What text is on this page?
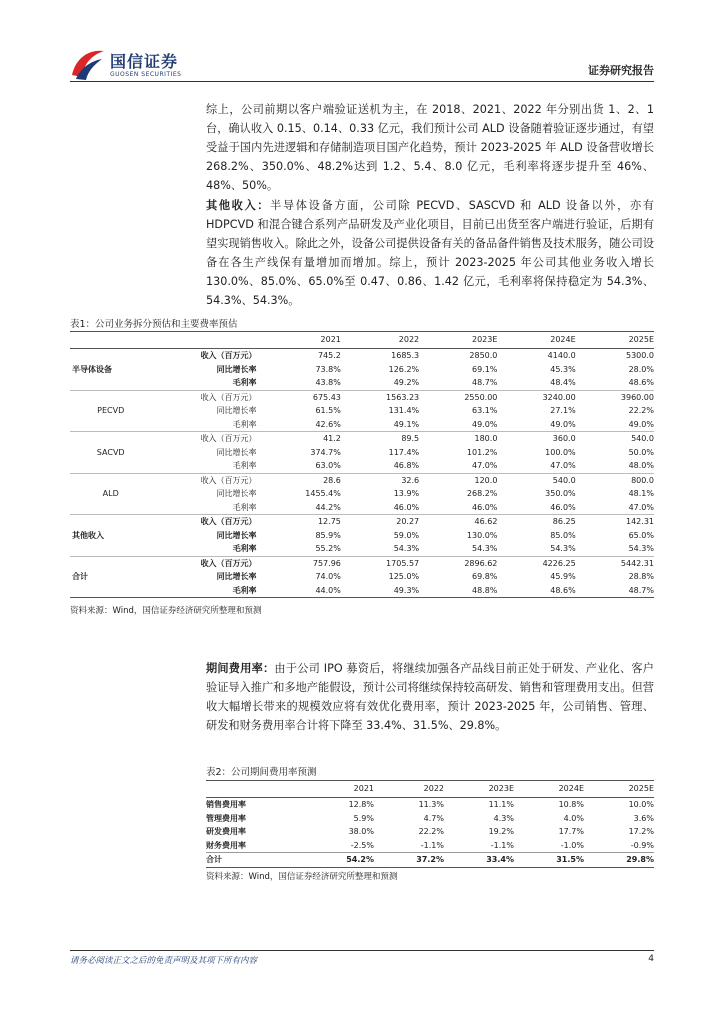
国信证券
GUOSEN SECURITIES	证券研究报告

综上，公司前期以客户端验证送机为主，在 2018、2021、2022 年分别出货 1、2、1 台，确认收入 0.15、0.14、0.33 亿元，我们预计公司 ALD 设备随着验证逐步通过，有望受益于国内先进逻辑和存储制造项目国产化趋势，预计 2023-2025 年 ALD 设备营收增长 268.2%、350.0%、48.2%达到 1.2、5.4、8.0 亿元，毛利率将逐步提升至 46%、48%、50%。

其他收入：半导体设备方面，公司除 PECVD、SASCVD 和 ALD 设备以外，亦有 HDPCVD 和混合键合系列产品研发及产业化项目，目前已出货至客户端进行验证，后期有望实现销售收入。除此之外，设备公司提供设备有关的备品备件销售及技术服务，随公司设备在各生产线保有量增加而增加。综上，预计 2023-2025 年公司其他业务收入增长 130.0%、85.0%、65.0%至 0.47、0.86、1.42 亿元，毛利率将保持稳定为 54.3%、54.3%、54.3%。

表1：公司业务拆分预估和主要费率预估
		2021	2022	2023E	2024E	2025E
	收入（百万元）	745.2	1685.3	2850.0	4140.0	5300.0
半导体设备	同比增长率	73.8%	126.2%	69.1%	45.3%	28.0%
	毛利率	43.8%	49.2%	48.7%	48.4%	48.6%
	收入（百万元）	675.43	1563.23	2550.00	3240.00	3960.00
PECVD	同比增长率	61.5%	131.4%	63.1%	27.1%	22.2%
	毛利率	42.6%	49.1%	49.0%	49.0%	49.0%
	收入（百万元）	41.2	89.5	180.0	360.0	540.0
SACVD	同比增长率	374.7%	117.4%	101.2%	100.0%	50.0%
	毛利率	63.0%	46.8%	47.0%	47.0%	48.0%
	收入（百万元）	28.6	32.6	120.0	540.0	800.0
ALD	同比增长率	1455.4%	13.9%	268.2%	350.0%	48.1%
	毛利率	44.2%	46.0%	46.0%	46.0%	47.0%
	收入（百万元）	12.75	20.27	46.62	86.25	142.31
其他收入	同比增长率	85.9%	59.0%	130.0%	85.0%	65.0%
	毛利率	55.2%	54.3%	54.3%	54.3%	54.3%
	收入（百万元）	757.96	1705.57	2896.62	4226.25	5442.31
合计	同比增长率	74.0%	125.0%	69.8%	45.9%	28.8%
	毛利率	44.0%	49.3%	48.8%	48.6%	48.7%
资料来源：Wind，国信证券经济研究所整理和预测

期间费用率：由于公司 IPO 募资后，将继续加强各产品线目前正处于研发、产业化、客户验证导入推广和多地产能假设，预计公司将继续保持较高研发、销售和管理费用支出。但营收大幅增长带来的规模效应将有效优化费用率，预计 2023-2025 年，公司销售、管理、研发和财务费用率合计将下降至 33.4%、31.5%、29.8%。

表2：公司期间费用率预测
	2021	2022	2023E	2024E	2025E
销售费用率	12.8%	11.3%	11.1%	10.8%	10.0%
管理费用率	5.9%	4.7%	4.3%	4.0%	3.6%
研发费用率	38.0%	22.2%	19.2%	17.7%	17.2%
财务费用率	-2.5%	-1.1%	-1.1%	-1.0%	-0.9%
合计	54.2%	37.2%	33.4%	31.5%	29.8%
资料来源：Wind，国信证券经济研究所整理和预测
请务必阅读正文之后的免责声明及其项下所有内容	4
